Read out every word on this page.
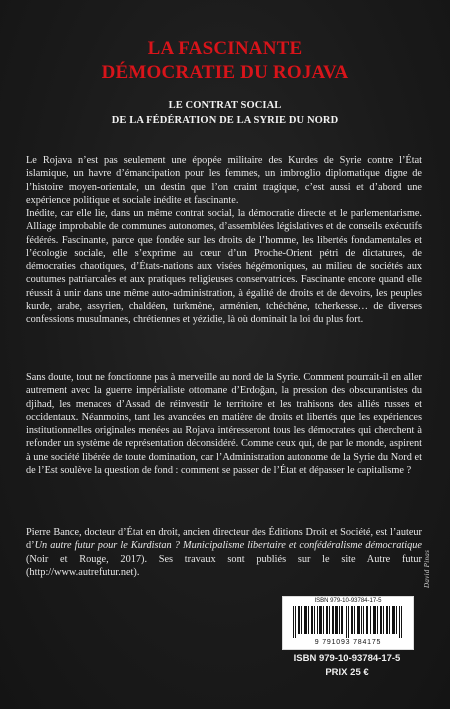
LA FASCINANTE
DÉMOCRATIE DU ROJAVA
LE CONTRAT SOCIAL
DE LA FÉDÉRATION DE LA SYRIE DU NORD

Le Rojava n’est pas seulement une épopée militaire des Kurdes de Syrie contre l’État islamique, un havre d’émancipation pour les femmes, un imbroglio diplomatique digne de l’histoire moyen-orientale, un destin que l’on craint tragique, c’est aussi et d’abord une expérience politique et sociale inédite et fascinante.

Inédite, car elle lie, dans un même contrat social, la démocratie directe et le parlementarisme. Alliage improbable de communes autonomes, d’assemblées législatives et de conseils exécutifs fédérés. Fascinante, parce que fondée sur les droits de l’homme, les libertés fondamentales et l’écologie sociale, elle s’exprime au cœur d’un Proche-Orient pétri de dictatures, de démocraties chaotiques, d’États-nations aux visées hégémoniques, au milieu de sociétés aux coutumes patriarcales et aux pratiques religieuses conservatrices. Fascinante encore quand elle réussit à unir dans une même auto-administration, à égalité de droits et de devoirs, les peuples kurde, arabe, assyrien, chaldéen, turkmène, arménien, tchéchène, tcherkesse… de diverses confessions musulmanes, chrétiennes et yézidie, là où dominait la loi du plus fort.

Sans doute, tout ne fonctionne pas à merveille au nord de la Syrie. Comment pourrait-il en aller autrement avec la guerre impérialiste ottomane d’Erdoğan, la pression des obscurantistes du djihad, les menaces d’Assad de réinvestir le territoire et les trahisons des alliés russes et occidentaux. Néanmoins, tant les avancées en matière de droits et libertés que les expériences institutionnelles originales menées au Rojava intéresseront tous les démocrates qui cherchent à refonder un système de représentation déconsidéré. Comme ceux qui, de par le monde, aspirent à une société libérée de toute domination, car l’Administration autonome de la Syrie du Nord et de l’Est soulève la question de fond : comment se passer de l’État et dépasser le capitalisme ?

Pierre Bance, docteur d’État en droit, ancien directeur des Éditions Droit et Société, est l’auteur d’Un autre futur pour le Kurdistan ? Municipalisme libertaire et confédéralisme démocratique (Noir et Rouge, 2017). Ses travaux sont publiés sur le site Autre futur (http://www.autrefutur.net).	David Pinas
ISBN 979-10-93784-17-5
9 791093 784175
ISBN 979-10-93784-17-5
PRIX 25 €
